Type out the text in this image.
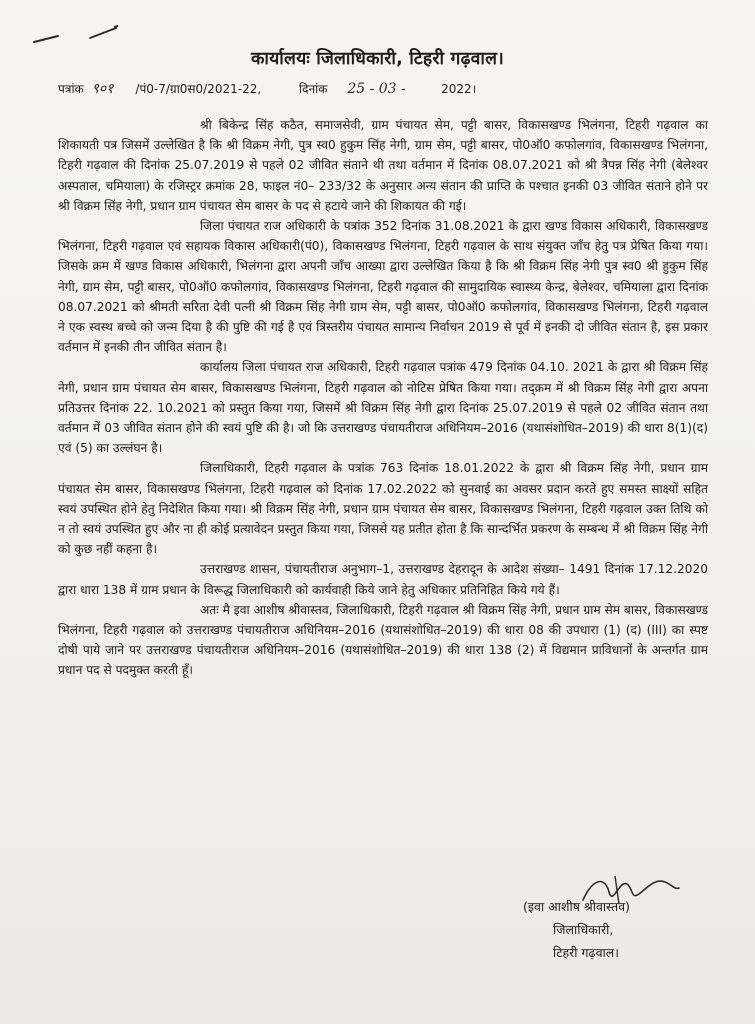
कार्यालयः जिलाधिकारी, टिहरी गढ़वाल।
पत्रांक ९०१ /पं0-7/ग्रा0स0/2021-22,	दिनांक 25 - 03 -	2022।

श्री बिकेन्द्र सिंह कठैत, समाजसेवी, ग्राम पंचायत सेम, पट्टी बासर, विकासखण्ड भिलंगना, टिहरी गढ़वाल का शिकायती पत्र जिसमें उल्लेखित है कि श्री विक्रम नेगी, पुत्र स्व0 हुकुम सिंह नेगी, ग्राम सेम, पट्टी बासर, पो0ऑ0 कफोलगांव, विकासखण्ड भिलंगना, टिहरी गढ़वाल की दिनांक 25.07.2019 से पहले 02 जीवित संताने थी तथा वर्तमान में दिनांक 08.07.2021 को श्री त्रैपन्न सिंह नेगी (बेलेश्वर अस्पताल, चमियाला) के रजिस्ट्रर क्रमांक 28, फाइल नं0– 233/32 के अनुसार अन्य संतान की प्राप्ति के पश्चात इनकी 03 जीवित संताने होने पर श्री विक्रम सिंह नेगी, प्रधान ग्राम पंचायत सेम बासर के पद से हटाये जाने की शिकायत की गई।

जिला पंचायत राज अधिकारी के पत्रांक 352 दिनांक 31.08.2021 के द्वारा खण्ड विकास अधिकारी, विकासखण्ड भिलंगना, टिहरी गढ़वाल एवं सहायक विकास अधिकारी(पं0), विकासखण्ड भिलंगना, टिहरी गढ़वाल के साथ संयुक्त जाँच हेतु पत्र प्रेषित किया गया। जिसके क्रम में खण्ड विकास अधिकारी, भिलंगना द्वारा अपनी जाँच आख्या द्वारा उल्लेखित किया है कि श्री विक्रम सिंह नेगी पुत्र स्व0 श्री हुकुम सिंह नेगी, ग्राम सेम, पट्टी बासर, पो0ऑ0 कफोलगांव, विकासखण्ड भिलंगना, टिहरी गढ़वाल की सामुदायिक स्वास्थ्य केन्द्र, बेलेश्वर, चमियाला द्वारा दिनांक 08.07.2021 को श्रीमती सरिता देवी पत्नी श्री विक्रम सिंह नेगी ग्राम सेम, पट्टी बासर, पो0ऑ0 कफोलगांव, विकासखण्ड भिलंगना, टिहरी गढ़वाल ने एक स्वस्थ बच्चे को जन्म दिया है की पुष्टि की गई है एवं त्रिस्तरीय पंचायत सामान्य निर्वाचन 2019 से पूर्व में इनकी दो जीवित संतान है, इस प्रकार वर्तमान में इनकी तीन जीवित संतान है।

कार्यालय जिला पंचायत राज अधिकारी, टिहरी गढ़वाल पत्रांक 479 दिनांक 04.10. 2021 के द्वारा श्री विक्रम सिंह नेगी, प्रधान ग्राम पंचायत सेम बासर, विकासखण्ड भिलंगना, टिहरी गढ़वाल को नोटिस प्रेषित किया गया। तद्क्रम में श्री विक्रम सिंह नेगी द्वारा अपना प्रतिउत्तर दिनांक 22. 10.2021 को प्रस्तुत किया गया, जिसमें श्री विक्रम सिंह नेगी द्वारा दिनांक 25.07.2019 से पहले 02 जीवित संतान तथा वर्तमान में 03 जीवित संतान होने की स्वयं पुष्टि की है। जो कि उत्तराखण्ड पंचायतीराज अधिनियम–2016 (यथासंशोधित–2019) की धारा 8(1)(द) एवं (5) का उल्लंघन है।

जिलाधिकारी, टिहरी गढ़वाल के पत्रांक 763 दिनांक 18.01.2022 के द्वारा श्री विक्रम सिंह नेगी, प्रधान ग्राम पंचायत सेम बासर, विकासखण्ड भिलंगना, टिहरी गढ़वाल को दिनांक 17.02.2022 को सुनवाई का अवसर प्रदान करते हुए समस्त साक्ष्यों सहित स्वयं उपस्थित होने हेतु निदेशित किया गया। श्री विक्रम सिंह नेगी, प्रधान ग्राम पंचायत सेम बासर, विकासखण्ड भिलंगना, टिहरी गढ़वाल उक्त तिथि को न तो स्वयं उपस्थित हुए और ना ही कोई प्रत्यावेदन प्रस्तुत किया गया, जिससे यह प्रतीत होता है कि सान्दर्भित प्रकरण के सम्बन्ध में श्री विक्रम सिंह नेगी को कुछ नहीं कहना है।

उत्तराखण्ड शासन, पंचायतीराज अनुभाग–1, उत्तराखण्ड देहरादून के आदेश संख्या– 1491 दिनांक 17.12.2020 द्वारा धारा 138 में ग्राम प्रधान के विरूद्ध जिलाधिकारी को कार्यवाही किये जाने हेतु अधिकार प्रतिनिहित किये गये हैं।

अतः मै इवा आशीष श्रीवास्तव, जिलाधिकारी, टिहरी गढ़वाल श्री विक्रम सिंह नेगी, प्रधान ग्राम सेम बासर, विकासखण्ड भिलंगना, टिहरी गढ़वाल को उत्तराखण्ड पंचायतीराज अधिनियम–2016 (यथासंशोधित–2019) की धारा 08 की उपधारा (1) (द) (III) का स्पष्ट दोषी पाये जाने पर उत्तराखण्ड पंचायतीराज अधिनियम–2016 (यथासंशोधित–2019) की धारा 138 (2) में विद्यमान प्राविधानों के अन्तर्गत ग्राम प्रधान पद से पदमुक्त करती हूँ।

(इवा आशीष श्रीवास्तव)
जिलाधिकारी,
टिहरी गढ़वाल।
